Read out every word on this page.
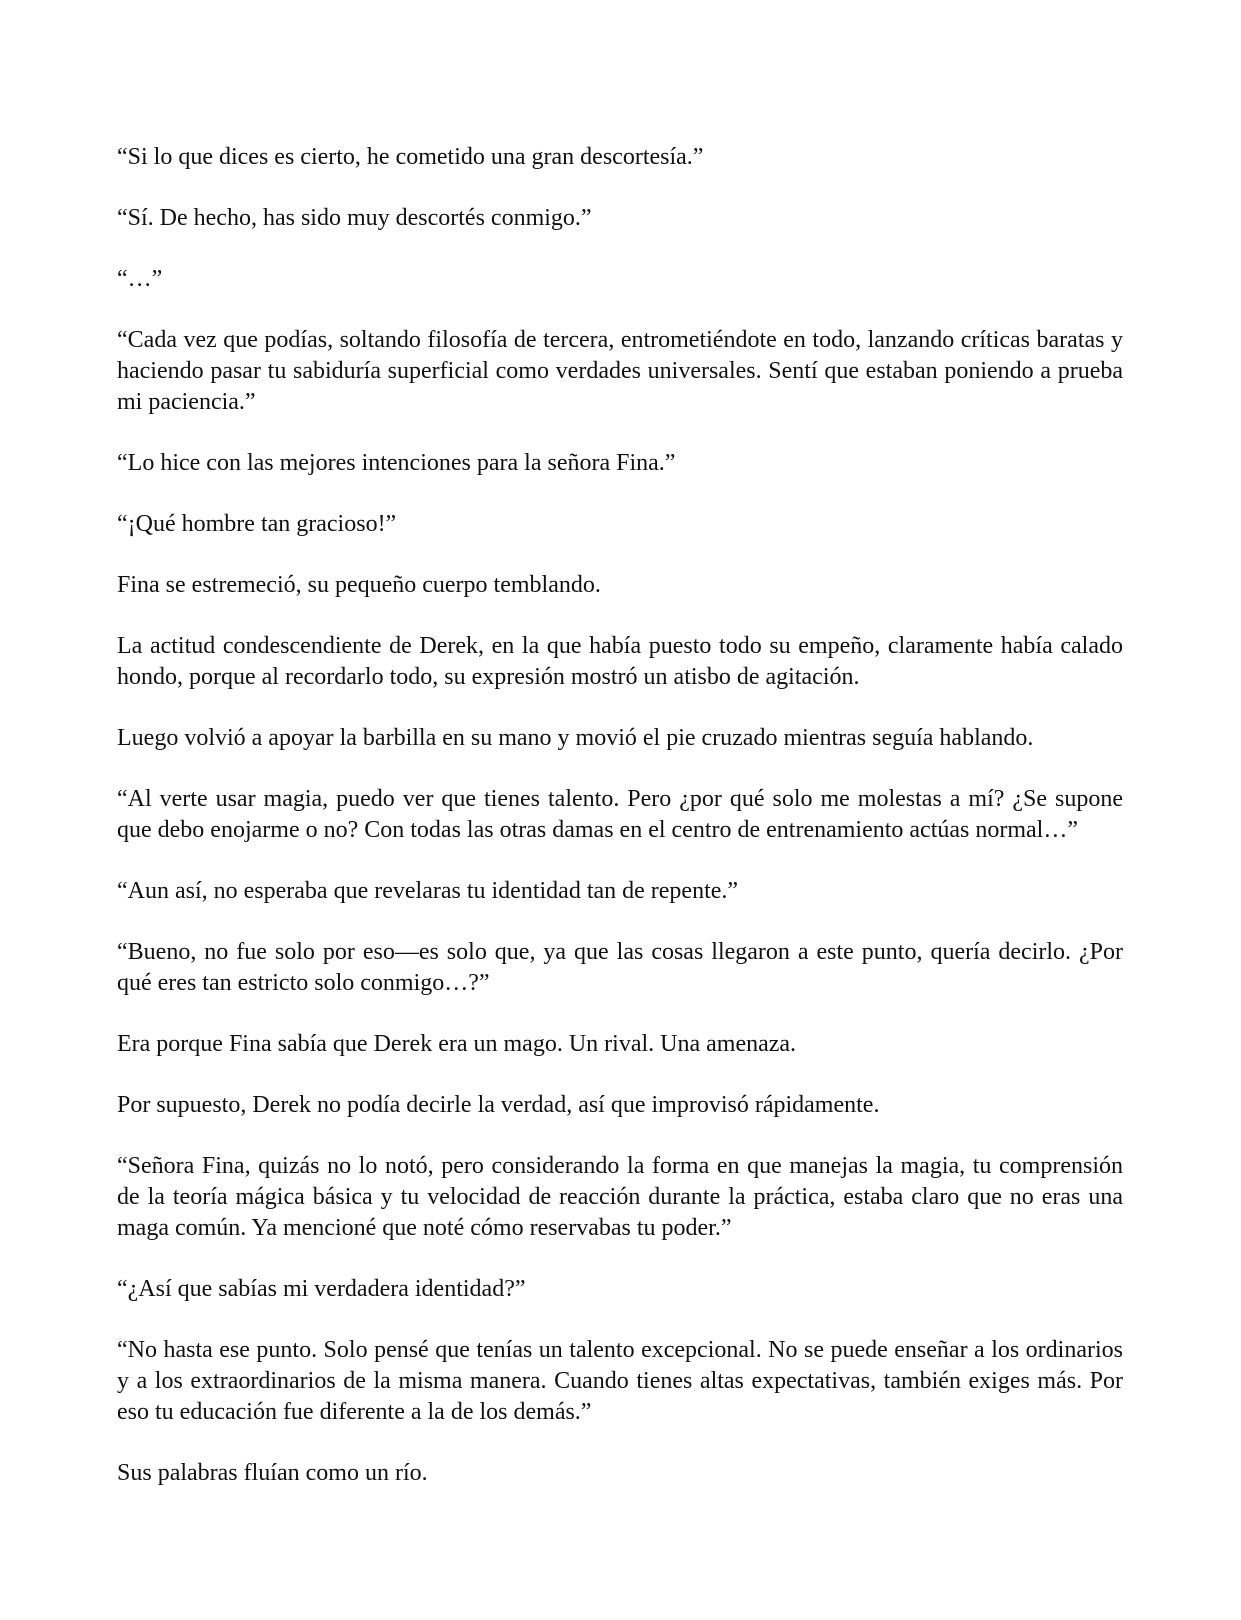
“Si lo que dices es cierto, he cometido una gran descortesía.”

“Sí. De hecho, has sido muy descortés conmigo.”

“…”

“Cada vez que podías, soltando filosofía de tercera, entrometiéndote en todo, lanzando críticas baratas y haciendo pasar tu sabiduría superficial como verdades universales. Sentí que estaban poniendo a prueba mi paciencia.”

“Lo hice con las mejores intenciones para la señora Fina.”

“¡Qué hombre tan gracioso!”

Fina se estremeció, su pequeño cuerpo temblando.

La actitud condescendiente de Derek, en la que había puesto todo su empeño, claramente había calado hondo, porque al recordarlo todo, su expresión mostró un atisbo de agitación.

Luego volvió a apoyar la barbilla en su mano y movió el pie cruzado mientras seguía hablando.

“Al verte usar magia, puedo ver que tienes talento. Pero ¿por qué solo me molestas a mí? ¿Se supone que debo enojarme o no? Con todas las otras damas en el centro de entrenamiento actúas normal…”

“Aun así, no esperaba que revelaras tu identidad tan de repente.”

“Bueno, no fue solo por eso—es solo que, ya que las cosas llegaron a este punto, quería decirlo. ¿Por qué eres tan estricto solo conmigo…?”

Era porque Fina sabía que Derek era un mago. Un rival. Una amenaza.

Por supuesto, Derek no podía decirle la verdad, así que improvisó rápidamente.

“Señora Fina, quizás no lo notó, pero considerando la forma en que manejas la magia, tu comprensión de la teoría mágica básica y tu velocidad de reacción durante la práctica, estaba claro que no eras una maga común. Ya mencioné que noté cómo reservabas tu poder.”

“¿Así que sabías mi verdadera identidad?”

“No hasta ese punto. Solo pensé que tenías un talento excepcional. No se puede enseñar a los ordinarios y a los extraordinarios de la misma manera. Cuando tienes altas expectativas, también exiges más. Por eso tu educación fue diferente a la de los demás.”

Sus palabras fluían como un río.
